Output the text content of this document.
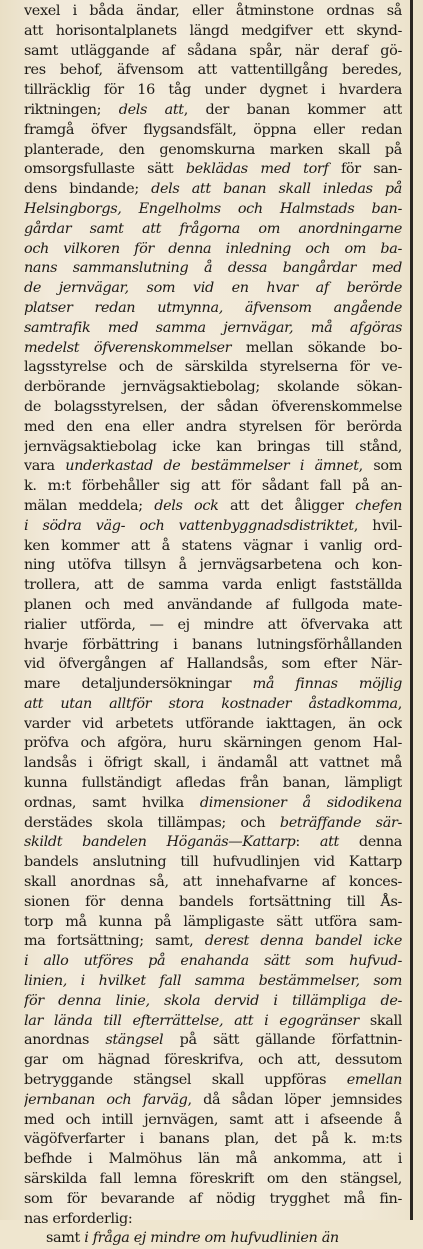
vexel i båda ändar, eller åtminstone ordnas så
att horisontalplanets längd medgifver ett skynd-
samt utläggande af sådana spår, när deraf gö-
res behof, äfvensom att vattentillgång beredes,
tillräcklig för 16 tåg under dygnet i hvardera
riktningen; dels att, der banan kommer att
framgå öfver flygsandsfält, öppna eller redan
planterade, den genomskurna marken skall på
omsorgsfullaste sätt beklädas med torf för san-
dens bindande; dels att banan skall inledas på
Helsingborgs, Engelholms och Halmstads ban-
gårdar samt att frågorna om anordningarne
och vilkoren för denna inledning och om ba-
nans sammanslutning å dessa bangårdar med
de jernvägar, som vid en hvar af berörde
platser redan utmynna, äfvensom angående
samtrafik med samma jernvägar, må afgöras
medelst öfverenskommelser mellan sökande bo-
lagsstyrelse och de särskilda styrelserna för ve-
derbörande jernvägsaktiebolag; skolande sökan-
de bolagsstyrelsen, der sådan öfverenskommelse
med den ena eller andra styrelsen för berörda
jernvägsaktiebolag icke kan bringas till stånd,
vara underkastad de bestämmelser i ämnet, som
k. m:t förbehåller sig att för sådant fall på an-
mälan meddela; dels ock att det åligger chefen
i södra väg- och vattenbyggnadsdistriktet, hvil-
ken kommer att å statens vägnar i vanlig ord-
ning utöfva tillsyn å jernvägsarbetena och kon-
trollera, att de samma varda enligt fastställda
planen och med användande af fullgoda mate-
rialier utförda, — ej mindre att öfvervaka att
hvarje förbättring i banans lutningsförhållanden
vid öfvergången af Hallandsås, som efter När-
mare detaljundersökningar må finnas möjlig
att utan alltför stora kostnader åstadkomma,
varder vid arbetets utförande iakttagen, än ock
pröfva och afgöra, huru skärningen genom Hal-
landsås i öfrigt skall, i ändamål att vattnet må
kunna fullständigt afledas från banan, lämpligt
ordnas, samt hvilka dimensioner å sidodikena
derstädes skola tillämpas; och beträffande sär-
skildt bandelen Höganäs—Kattarp: att denna
bandels anslutning till hufvudlinjen vid Kattarp
skall anordnas så, att innehafvarne af konces-
sionen för denna bandels fortsättning till Ås-
torp må kunna på lämpligaste sätt utföra sam-
ma fortsättning; samt, derest denna bandel icke
i allo utföres på enahanda sätt som hufvud-
linien, i hvilket fall samma bestämmelser, som
för denna linie, skola dervid i tillämpliga de-
lar lända till efterrättelse, att i egogränser skall
anordnas stängsel på sätt gällande författnin-
gar om hägnad föreskrifva, och att, dessutom
betryggande stängsel skall uppföras emellan
jernbanan och farväg, då sådan löper jemnsides
med och intill jernvägen, samt att i afseende å
vägöfverfarter i banans plan, det på k. m:ts
befhde i Malmöhus län må ankomma, att i
särskilda fall lemna föreskrift om den stängsel,
som för bevarande af nödig trygghet må fin-
nas erforderlig:
samt i fråga ej mindre om hufvudlinien än
